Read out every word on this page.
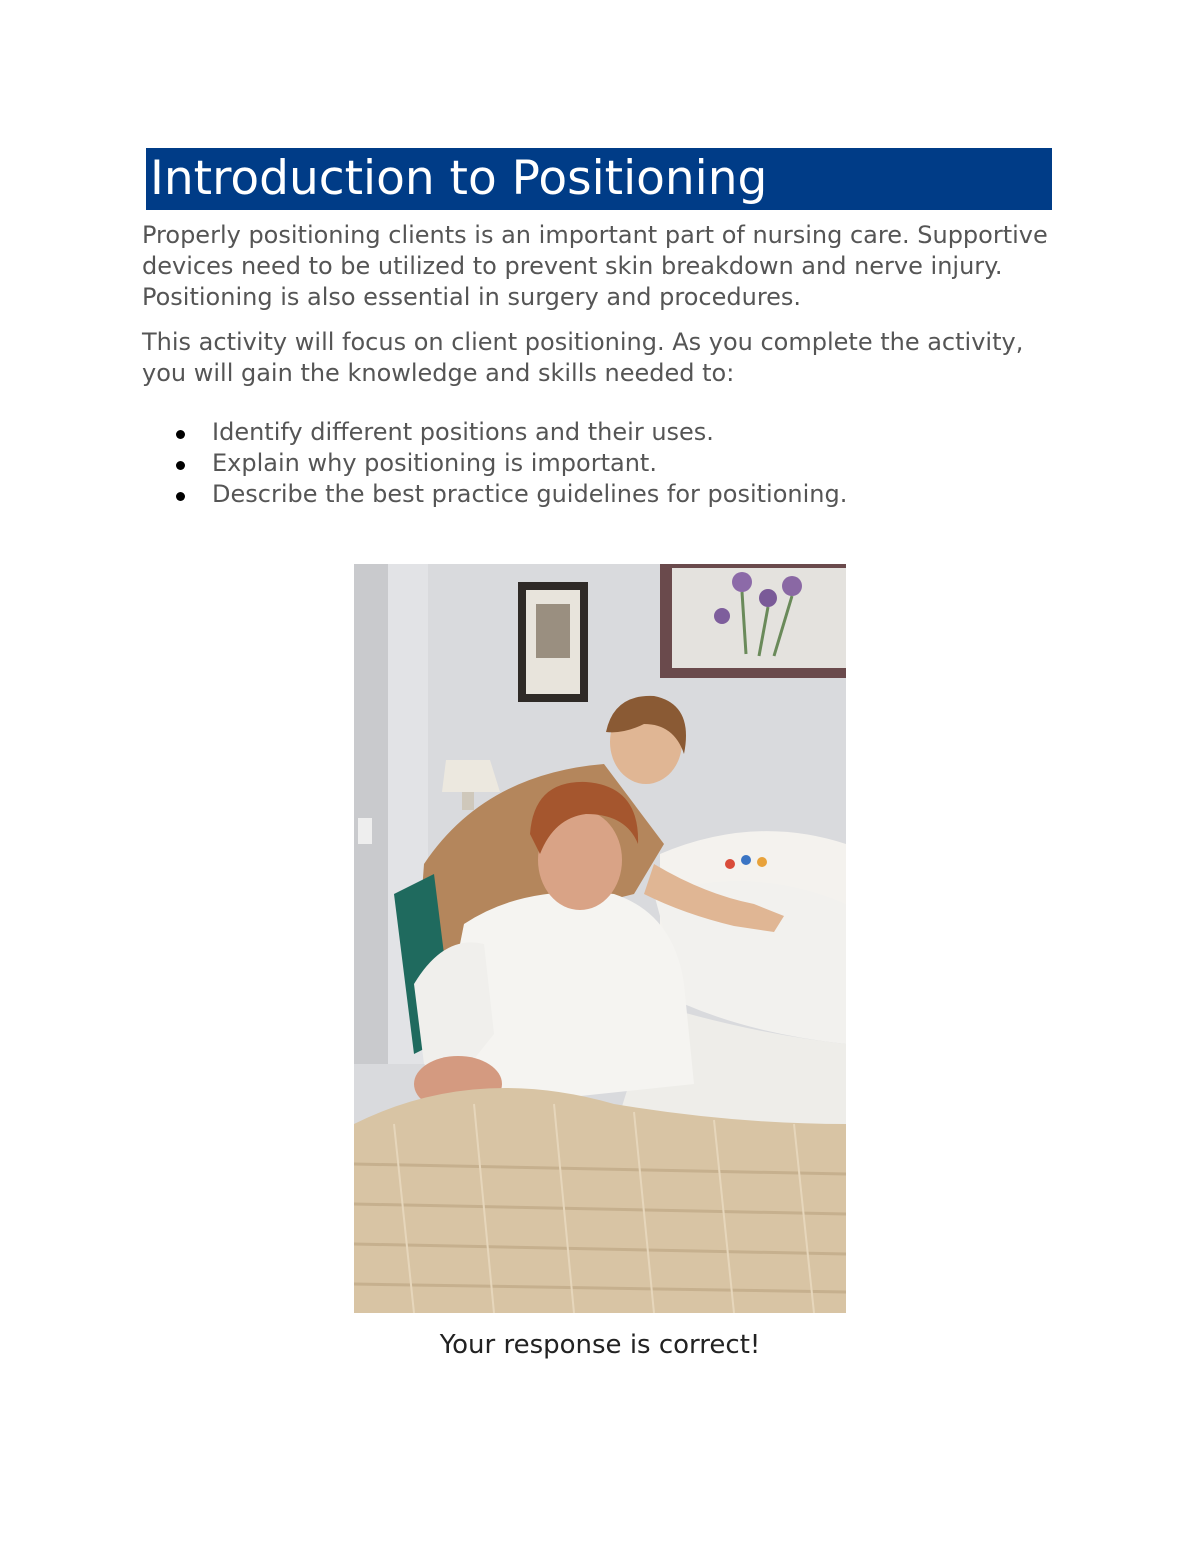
Introduction to Positioning

Properly positioning clients is an important part of nursing care. Supportive devices need to be utilized to prevent skin breakdown and nerve injury. Positioning is also essential in surgery and procedures.

This activity will focus on client positioning. As you complete the activity, you will gain the knowledge and skills needed to:

Identify different positions and their uses.
Explain why positioning is important.
Describe the best practice guidelines for positioning.
Your response is correct!
